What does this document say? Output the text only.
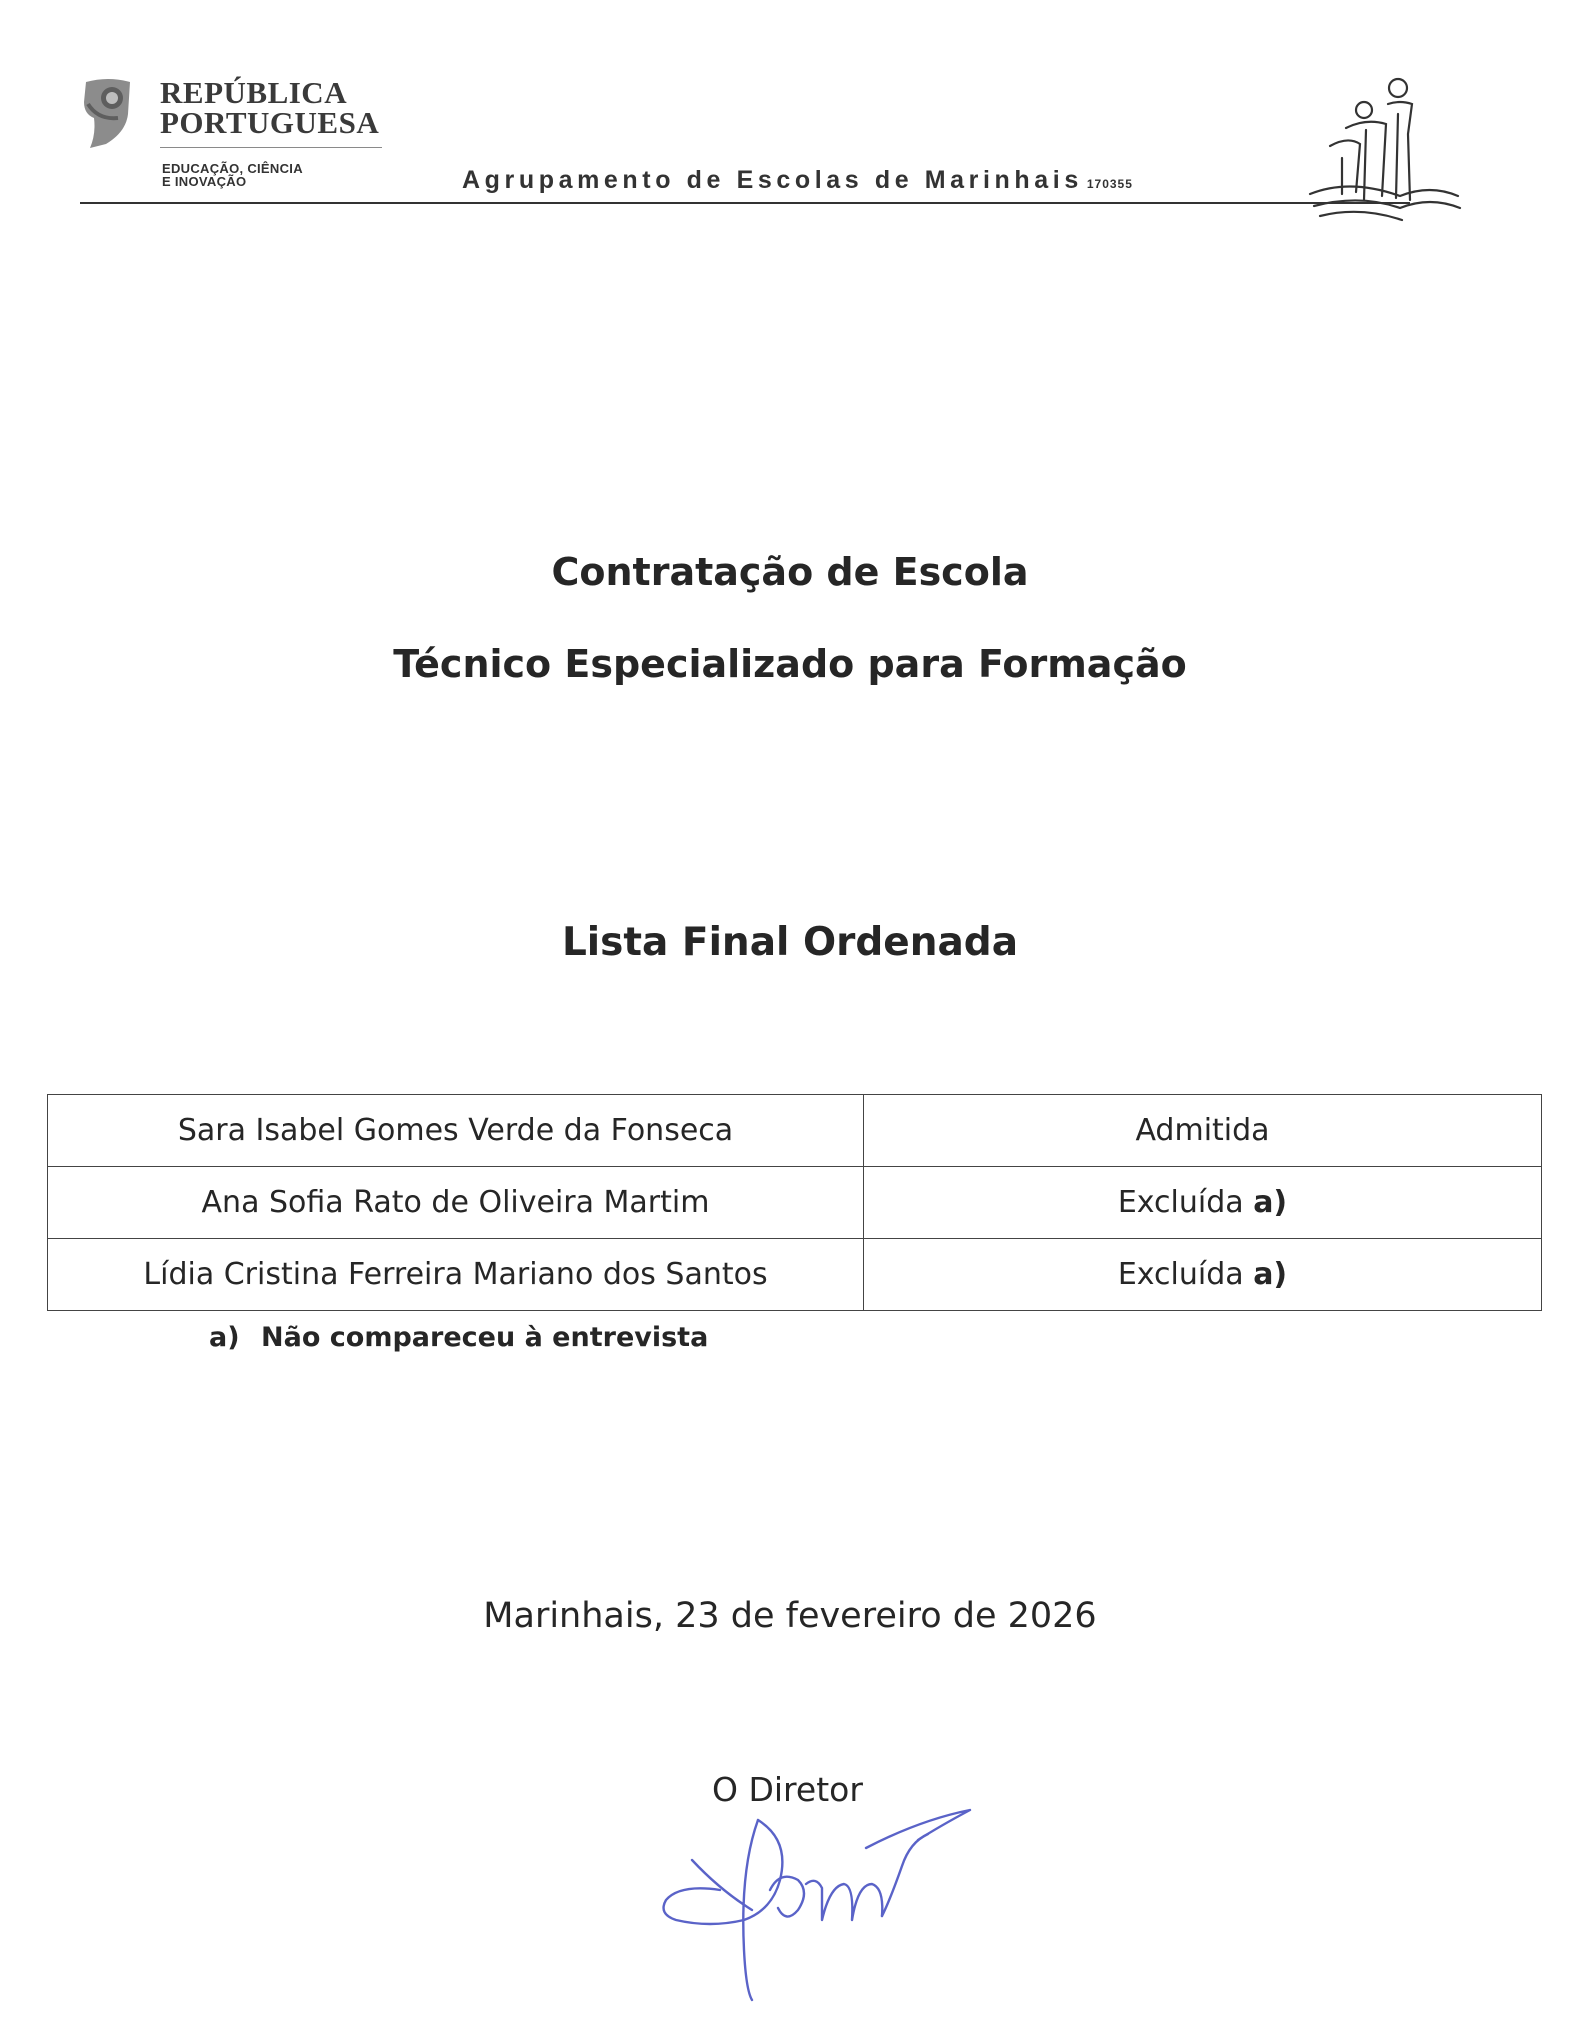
REPÚBLICA
PORTUGUESA
EDUCAÇÃO, CIÊNCIA
E INOVAÇÃO	Agrupamento de Escolas de Marinhais 170355
Contratação de Escola
Técnico Especializado para Formação
Lista Final Ordenada
Sara Isabel Gomes Verde da Fonseca	Admitida
Ana Sofia Rato de Oliveira Martim	Excluída a)
Lídia Cristina Ferreira Mariano dos Santos	Excluída a)
a) Não compareceu à entrevista
Marinhais, 23 de fevereiro de 2026
O Diretor
